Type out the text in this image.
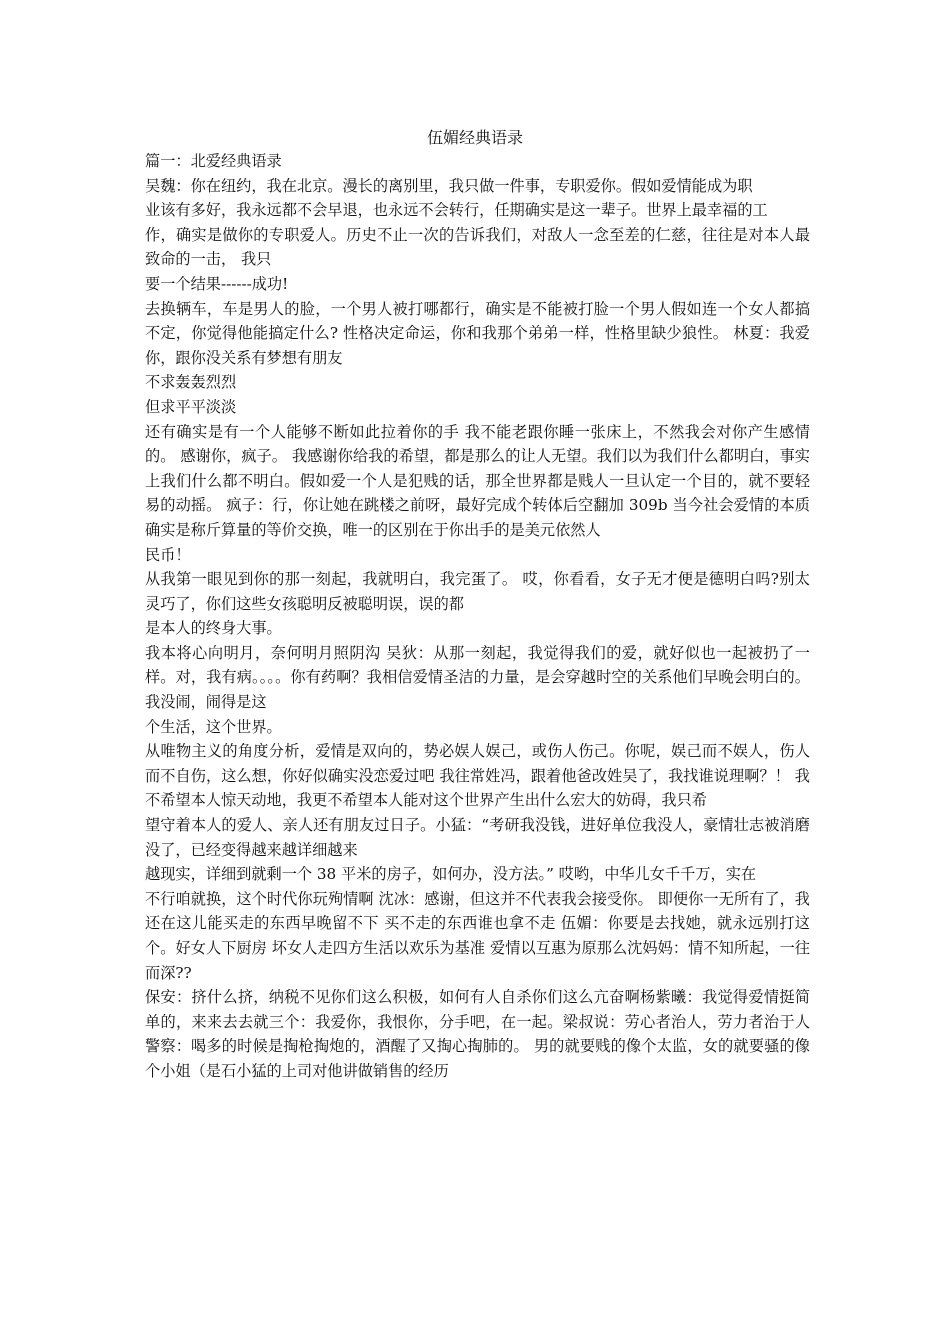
伍媚经典语录

篇一：北爱经典语录

吴魏：你在纽约，我在北京。漫长的离别里，我只做一件事，专职爱你。假如爱情能成为职

业该有多好，我永远都不会早退，也永远不会转行，任期确实是这一辈子。世界上最幸福的工

作，确实是做你的专职爱人。历史不止一次的告诉我们，对敌人一念至差的仁慈，往往是对本人最致命的一击， 我只

要一个结果------成功!

去换辆车，车是男人的脸，一个男人被打哪都行，确实是不能被打脸一个男人假如连一个女人都搞不定，你觉得他能搞定什么? 性格决定命运，你和我那个弟弟一样，性格里缺少狼性。 林夏：我爱你，跟你没关系有梦想有朋友

不求轰轰烈烈

但求平平淡淡

还有确实是有一个人能够不断如此拉着你的手 我不能老跟你睡一张床上，不然我会对你产生感情的。 感谢你，疯子。 我感谢你给我的希望，都是那么的让人无望。我们以为我们什么都明白，事实上我们什么都不明白。假如爱一个人是犯贱的话，那全世界都是贱人一旦认定一个目的，就不要轻易的动摇。 疯子：行，你让她在跳楼之前呀，最好完成个转体后空翻加 309b 当今社会爱情的本质确实是称斤算量的等价交换，唯一的区别在于你出手的是美元依然人

民币！

从我第一眼见到你的那一刻起，我就明白，我完蛋了。 哎，你看看，女子无才便是德明白吗?别太灵巧了，你们这些女孩聪明反被聪明误，误的都

是本人的终身大事。

我本将心向明月，奈何明月照阴沟 吴狄：从那一刻起，我觉得我们的爱，就好似也一起被扔了一样。对，我有病。。。。你有药啊？我相信爱情圣洁的力量，是会穿越时空的关系他们早晚会明白的。 我没闹，闹得是这

个生活，这个世界。

从唯物主义的角度分析，爱情是双向的，势必娱人娱己，或伤人伤己。你呢，娱己而不娱人，伤人而不自伤，这么想，你好似确实没恋爱过吧 我往常姓冯，跟着他爸改姓吴了，我找谁说理啊？！ 我不希望本人惊天动地，我更不希望本人能对这个世界产生出什么宏大的妨碍，我只希

望守着本人的爱人、亲人还有朋友过日子。小猛：“考研我没钱，进好单位我没人，豪情壮志被消磨没了，已经变得越来越详细越来

越现实，详细到就剩一个 38 平米的房子，如何办，没方法。” 哎哟，中华儿女千千万，实在

不行咱就换，这个时代你玩殉情啊 沈冰：感谢，但这并不代表我会接受你。 即便你一无所有了，我还在这儿能买走的东西早晚留不下 买不走的东西谁也拿不走 伍媚：你要是去找她，就永远别打这个。好女人下厨房 坏女人走四方生活以欢乐为基准 爱情以互惠为原那么沈妈妈：情不知所起，一往而深??

保安：挤什么挤，纳税不见你们这么积极，如何有人自杀你们这么亢奋啊杨紫曦：我觉得爱情挺简单的，来来去去就三个：我爱你，我恨你，分手吧，在一起。梁叔说：劳心者治人，劳力者治于人 警察：喝多的时候是掏枪掏炮的，酒醒了又掏心掏肺的。 男的就要贱的像个太监，女的就要骚的像个小姐（是石小猛的上司对他讲做销售的经历
